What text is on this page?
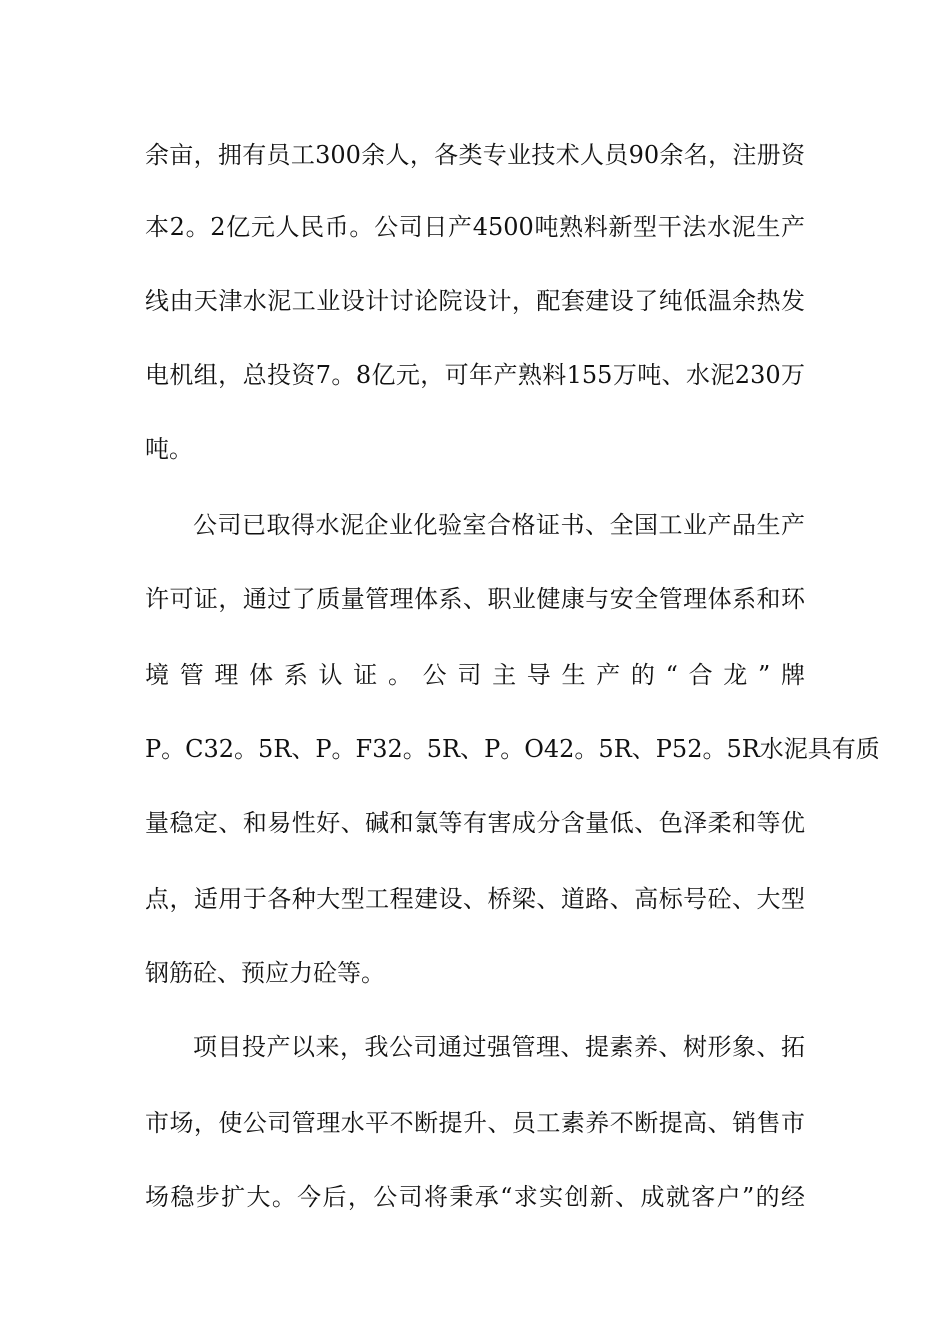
余亩，拥有员工300余人，各类专业技术人员90余名，注册资
本2。2亿元人民币。公司日产4500吨熟料新型干法水泥生产
线由天津水泥工业设计讨论院设计，配套建设了纯低温余热发
电机组，总投资7。8亿元，可年产熟料155万吨、水泥230万
吨。
公司已取得水泥企业化验室合格证书、全国工业产品生产
许可证，通过了质量管理体系、职业健康与安全管理体系和环
境管理体系认证。公司主导生产的“合龙”牌
P。C32。5R、P。F32。5R、P。O42。5R、P52。5R水泥具有质
量稳定、和易性好、碱和氯等有害成分含量低、色泽柔和等优
点，适用于各种大型工程建设、桥梁、道路、高标号砼、大型
钢筋砼、预应力砼等。
项目投产以来，我公司通过强管理、提素养、树形象、拓
市场，使公司管理水平不断提升、员工素养不断提高、销售市
场稳步扩大。今后，公司将秉承“求实创新、成就客户”的经
